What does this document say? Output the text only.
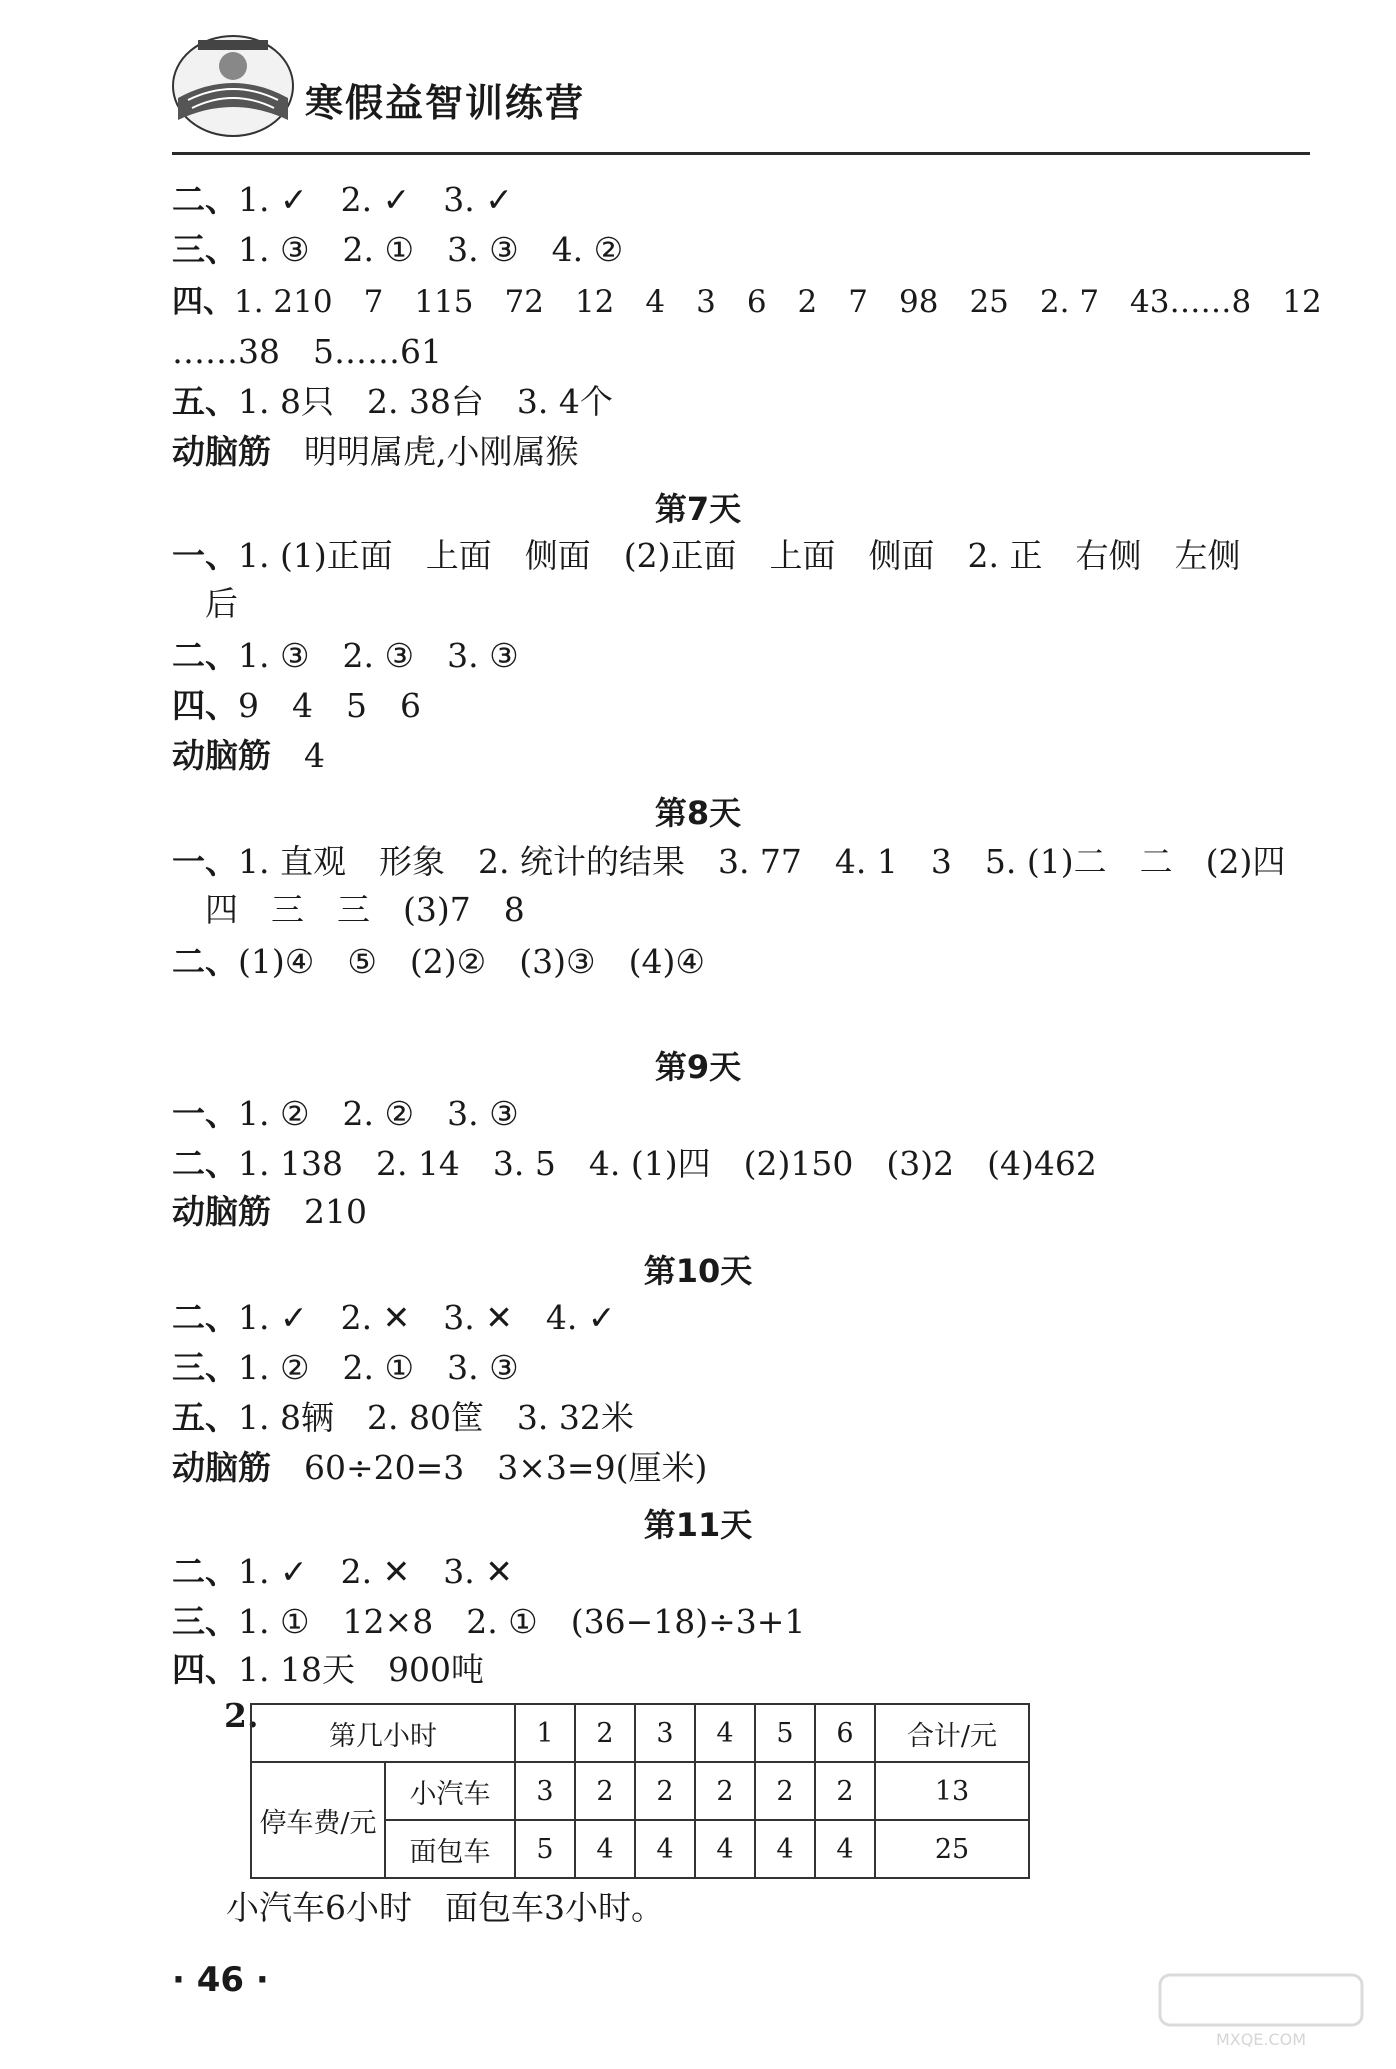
寒假益智训练营
二、1. ✓　2. ✓　3. ✓
三、1. ③　2. ①　3. ③　4. ②
四、1. 210　7　115　72　12　4　3　6　2　7　98　25　2. 7　43……8　12
……38　5……61
五、1. 8只　2. 38台　3. 4个
动脑筋　明明属虎,小刚属猴
第7天
一、1. (1)正面　上面　侧面　(2)正面　上面　侧面　2. 正　右侧　左侧
　后
二、1. ③　2. ③　3. ③
四、9　4　5　6
动脑筋　4
第8天
一、1. 直观　形象　2. 统计的结果　3. 77　4. 1　3　5. (1)二　二　(2)四
　四　三　三　(3)7　8
二、(1)④　⑤　(2)②　(3)③　(4)④
第9天
一、1. ②　2. ②　3. ③
二、1. 138　2. 14　3. 5　4. (1)四　(2)150　(3)2　(4)462
动脑筋　210
第10天
二、1. ✓　2. ✕　3. ✕　4. ✓
三、1. ②　2. ①　3. ③
五、1. 8辆　2. 80筐　3. 32米
动脑筋　60÷20=3　3×3=9(厘米)
第11天
二、1. ✓　2. ✕　3. ✕
三、1. ①　12×8　2. ①　(36−18)÷3+1
四、1. 18天　900吨
2.
第几小时		1	2	3	4	5	6	合计/元
停车费/元	小汽车	3	2	2	2	2	2	13
	面包车	5	4	4	4	4	4	25
小汽车6小时　面包车3小时。
· 46 ·
MXQE.COM
